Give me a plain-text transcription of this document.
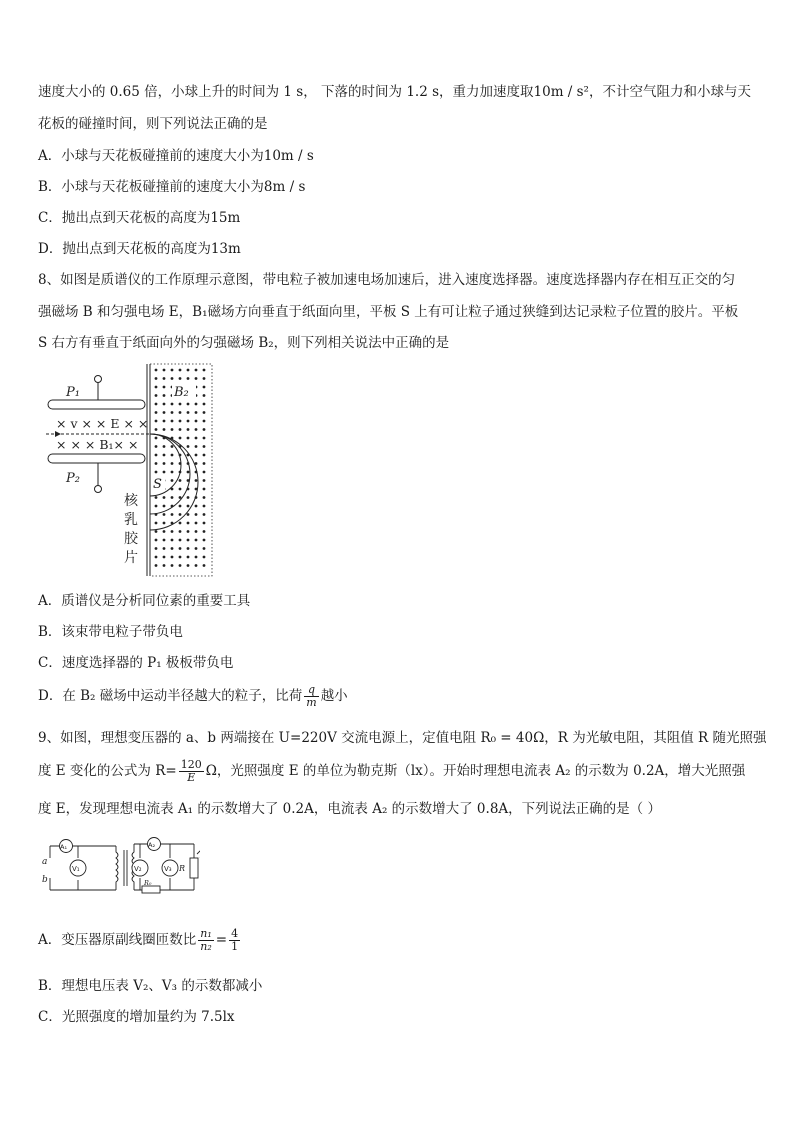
速度大小的 0.65 倍，小球上升的时间为 1 s， 下落的时间为 1.2 s，重力加速度取10m / s²，不计空气阻力和小球与天
花板的碰撞时间，则下列说法正确的是
A．小球与天花板碰撞前的速度大小为10m / s
B．小球与天花板碰撞前的速度大小为8m / s
C．抛出点到天花板的高度为15m
D．抛出点到天花板的高度为13m
8、如图是质谱仪的工作原理示意图，带电粒子被加速电场加速后，进入速度选择器。速度选择器内存在相互正交的匀
强磁场 B 和匀强电场 E，B₁磁场方向垂直于纸面向里，平板 S 上有可让粒子通过狭缝到达记录粒子位置的胶片。平板
S 右方有垂直于纸面向外的匀强磁场 B₂，则下列相关说法中正确的是
P₁
× v × × E × ×
× × × B₁× ×
P₂
B₂
S
核
乳
胶
片
A．质谱仪是分析同位素的重要工具
B．该束带电粒子带负电
C．速度选择器的 P₁ 极板带负电
D．在 B₂ 磁场中运动半径越大的粒子，比荷 $\frac{q}{m}$ 越小
9、如图，理想变压器的 a、b 两端接在 U=220V 交流电源上，定值电阻 R₀ = 40Ω，R 为光敏电阻，其阻值 R 随光照强
度 E 变化的公式为 $R= \frac{120}{E}$ Ω，光照强度 E 的单位为勒克斯（lx）。开始时理想电流表 A₂ 的示数为 0.2A，增大光照强
度 E，发现理想电流表 A₁ 的示数增大了 0.2A，电流表 A₂ 的示数增大了 0.8A，下列说法正确的是（ ）
a
b
A₁
V₁
A₂
V₂	V₃
R₀
R
A．变压器原副线圈匝数比 $\frac{\text{n₁}}{\text{n₂}} = \frac{4}{1}$
B．理想电压表 V₂、V₃ 的示数都减小
C．光照强度的增加量约为 7.5lx
